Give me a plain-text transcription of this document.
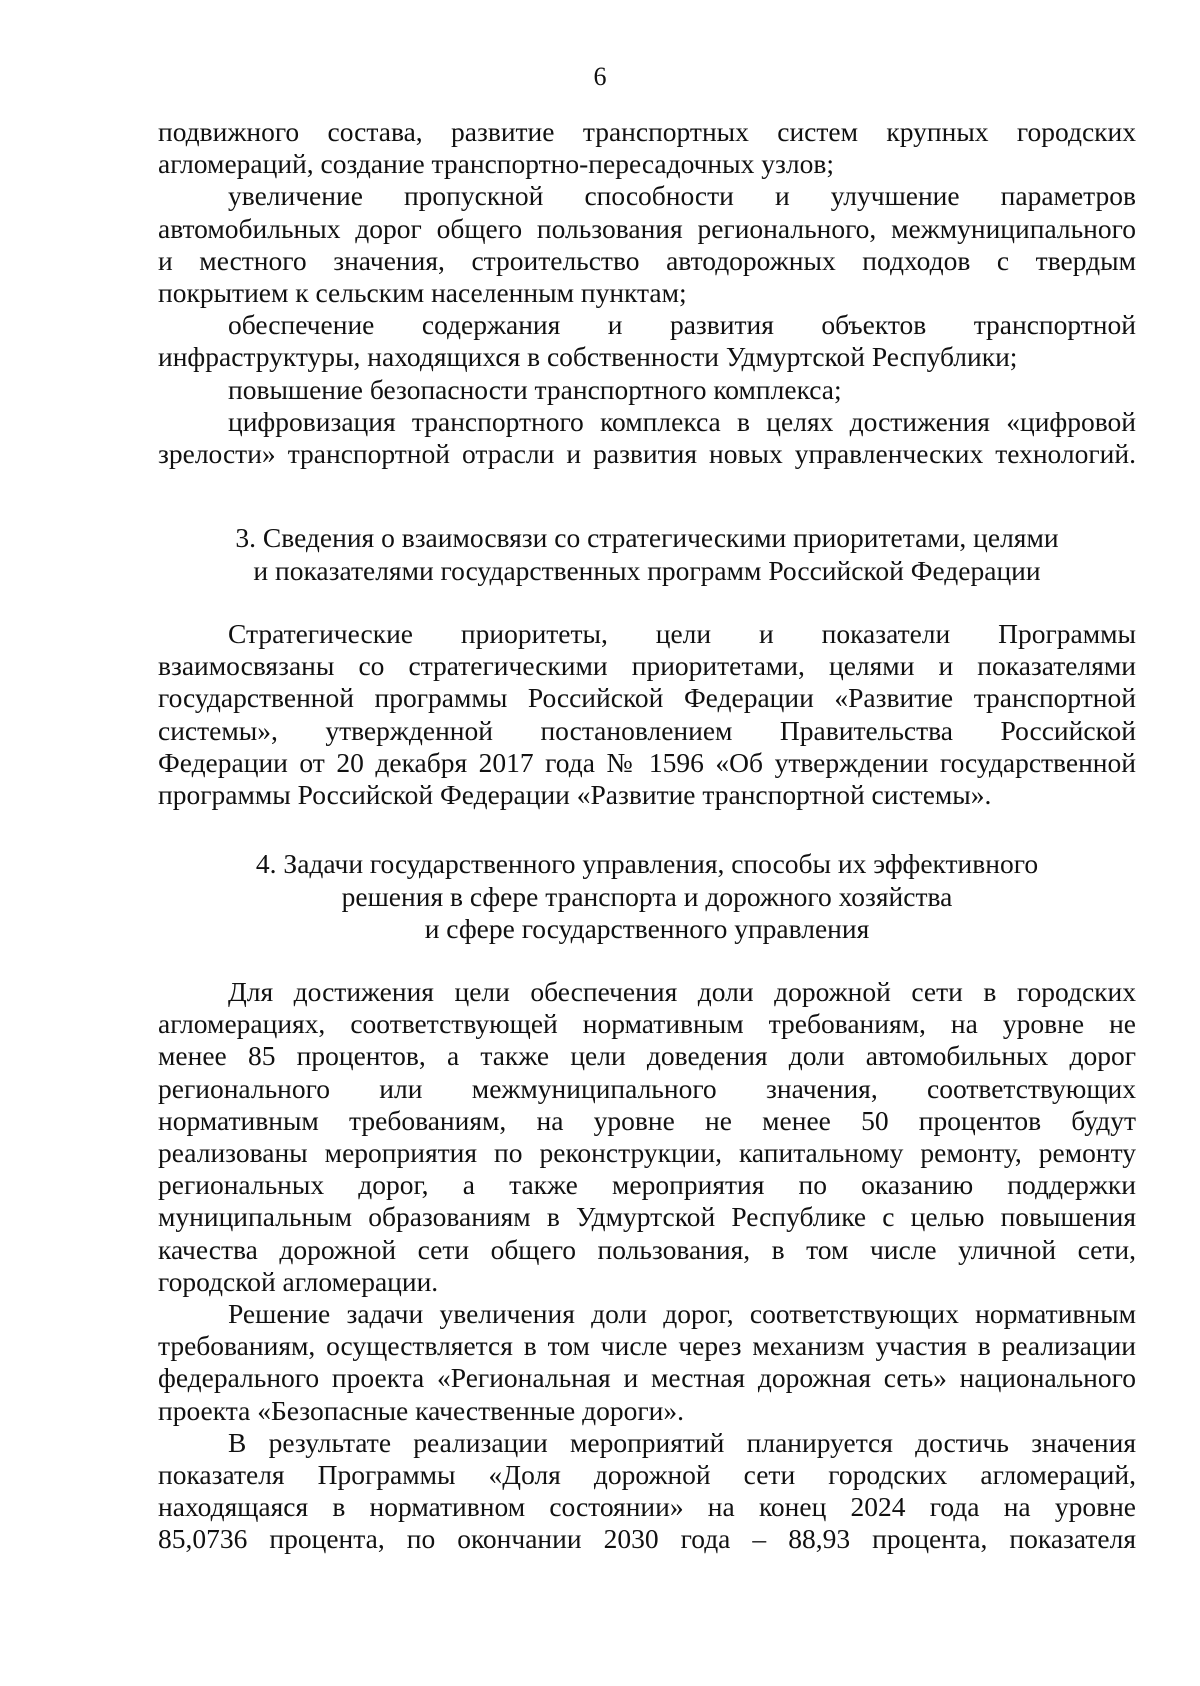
6

подвижного состава, развитие транспортных систем крупных городских

агломераций, создание транспортно-пересадочных узлов;

увеличение пропускной способности и улучшение параметров

автомобильных дорог общего пользования регионального, межмуниципального

и местного значения, строительство автодорожных подходов с твердым

покрытием к сельским населенным пунктам;

обеспечение содержания и развития объектов транспортной

инфраструктуры, находящихся в собственности Удмуртской Республики;

повышение безопасности транспортного комплекса;

цифровизация транспортного комплекса в целях достижения «цифровой

зрелости» транспортной отрасли и развития новых управленческих технологий.

3. Сведения о взаимосвязи со стратегическими приоритетами, целями
и показателями государственных программ Российской Федерации

Стратегические приоритеты, цели и показатели Программы

взаимосвязаны со стратегическими приоритетами, целями и показателями

государственной программы Российской Федерации «Развитие транспортной

системы», утвержденной постановлением Правительства Российской

Федерации от 20 декабря 2017 года № 1596 «Об утверждении государственной

программы Российской Федерации «Развитие транспортной системы».

4. Задачи государственного управления, способы их эффективного
решения в сфере транспорта и дорожного хозяйства
и сфере государственного управления

Для достижения цели обеспечения доли дорожной сети в городских

агломерациях, соответствующей нормативным требованиям, на уровне не

менее 85 процентов, а также цели доведения доли автомобильных дорог

регионального или межмуниципального значения, соответствующих

нормативным требованиям, на уровне не менее 50 процентов будут

реализованы мероприятия по реконструкции, капитальному ремонту, ремонту

региональных дорог, а также мероприятия по оказанию поддержки

муниципальным образованиям в Удмуртской Республике с целью повышения

качества дорожной сети общего пользования, в том числе уличной сети,

городской агломерации.

Решение задачи увеличения доли дорог, соответствующих нормативным

требованиям, осуществляется в том числе через механизм участия в реализации

федерального проекта «Региональная и местная дорожная сеть» национального

проекта «Безопасные качественные дороги».

В результате реализации мероприятий планируется достичь значения

показателя Программы «Доля дорожной сети городских агломераций,

находящаяся в нормативном состоянии» на конец 2024 года на уровне

85,0736 процента, по окончании 2030 года – 88,93 процента, показателя
